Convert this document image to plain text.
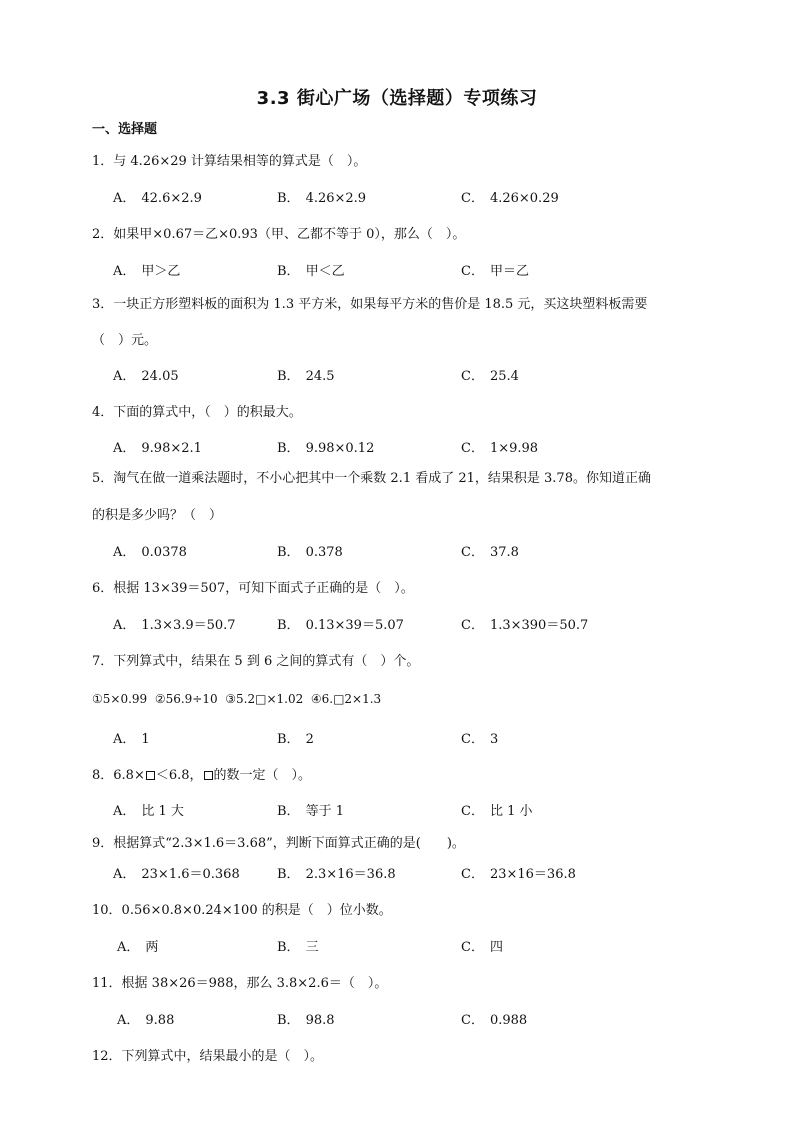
3.3 街心广场（选择题）专项练习
一、选择题
1．与 4.26×29 计算结果相等的算式是（　）。
A． 42.6×2.9	B． 4.26×2.9	C． 4.26×0.29
2．如果甲×0.67＝乙×0.93（甲、乙都不等于 0），那么（　）。
A． 甲＞乙	B． 甲＜乙	C． 甲＝乙
3．一块正方形塑料板的面积为 1.3 平方米，如果每平方米的售价是 18.5 元，买这块塑料板需要
（　）元。
A． 24.05	B． 24.5	C． 25.4
4．下面的算式中，（　）的积最大。
A． 9.98×2.1	B． 9.98×0.12	C． 1×9.98
5．淘气在做一道乘法题时，不小心把其中一个乘数 2.1 看成了 21，结果积是 3.78。你知道正确
的积是多少吗？（　）
A． 0.0378	B． 0.378	C． 37.8
6．根据 13×39＝507，可知下面式子正确的是（　）。
A． 1.3×3.9＝50.7	B． 0.13×39＝5.07	C． 1.3×390＝50.7
7．下列算式中，结果在 5 到 6 之间的算式有（　）个。
①5×0.99 ②56.9÷10 ③5.2□×1.02 ④6.□2×1.3
A． 1	B． 2	C． 3
8．6.8× ＜6.8， 的数一定（　）。
A． 比 1 大	B． 等于 1	C． 比 1 小
9．根据算式“2.3×1.6＝3.68”，判断下面算式正确的是(　　)。
A． 23×1.6＝0.368	B． 2.3×16＝36.8	C． 23×16＝36.8
10．0.56×0.8×0.24×100 的积是（　）位小数。
A． 两	B． 三	C． 四
11．根据 38×26＝988，那么 3.8×2.6＝（　）。
A． 9.88	B． 98.8	C． 0.988
12．下列算式中，结果最小的是（　）。
